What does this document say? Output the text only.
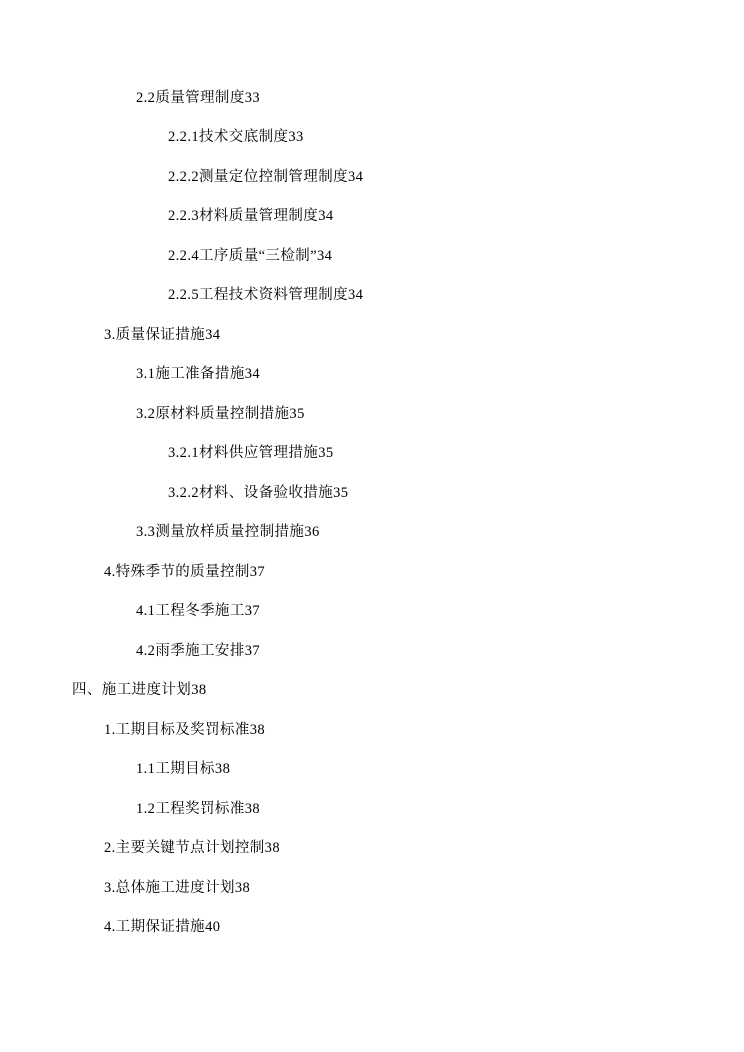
2.2质量管理制度33
2.2.1技术交底制度33
2.2.2测量定位控制管理制度34
2.2.3材料质量管理制度34
2.2.4工序质量“三检制”34
2.2.5工程技术资料管理制度34
3.质量保证措施34
3.1施工准备措施34
3.2原材料质量控制措施35
3.2.1材料供应管理措施35
3.2.2材料、设备验收措施35
3.3测量放样质量控制措施36
4.特殊季节的质量控制37
4.1工程冬季施工37
4.2雨季施工安排37
四、施工进度计划38
1.工期目标及奖罚标准38
1.1工期目标38
1.2工程奖罚标准38
2.主要关键节点计划控制38
3.总体施工进度计划38
4.工期保证措施40
